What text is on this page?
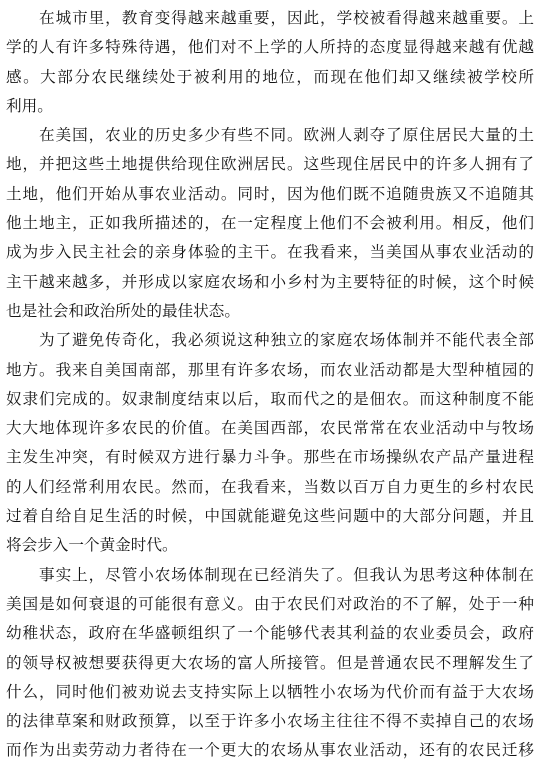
　　在城市里，教育变得越来越重要，因此，学校被看得越来越重要。上
学的人有许多特殊待遇，他们对不上学的人所持的态度显得越来越有优越
感。大部分农民继续处于被利用的地位，而现在他们却又继续被学校所
利用。
　　在美国，农业的历史多少有些不同。欧洲人剥夺了原住居民大量的土
地，并把这些土地提供给现住欧洲居民。这些现住居民中的许多人拥有了
土地，他们开始从事农业活动。同时，因为他们既不追随贵族又不追随其
他土地主，正如我所描述的，在一定程度上他们不会被利用。相反，他们
成为步入民主社会的亲身体验的主干。在我看来，当美国从事农业活动的
主干越来越多，并形成以家庭农场和小乡村为主要特征的时候，这个时候
也是社会和政治所处的最佳状态。
　　为了避免传奇化，我必须说这种独立的家庭农场体制并不能代表全部
地方。我来自美国南部，那里有许多农场，而农业活动都是大型种植园的
奴隶们完成的。奴隶制度结束以后，取而代之的是佃农。而这种制度不能
大大地体现许多农民的价值。在美国西部，农民常常在农业活动中与牧场
主发生冲突，有时候双方进行暴力斗争。那些在市场操纵农产品产量进程
的人们经常利用农民。然而，在我看来，当数以百万自力更生的乡村农民
过着自给自足生活的时候，中国就能避免这些问题中的大部分问题，并且
将会步入一个黄金时代。
　　事实上，尽管小农场体制现在已经消失了。但我认为思考这种体制在
美国是如何衰退的可能很有意义。由于农民们对政治的不了解，处于一种
幼稚状态，政府在华盛顿组织了一个能够代表其利益的农业委员会，政府
的领导权被想要获得更大农场的富人所接管。但是普通农民不理解发生了
什么，同时他们被劝说去支持实际上以牺牲小农场为代价而有益于大农场
的法律草案和财政预算，以至于许多小农场主往往不得不卖掉自己的农场
而作为出卖劳动力者待在一个更大的农场从事农业活动，还有的农民迁移
